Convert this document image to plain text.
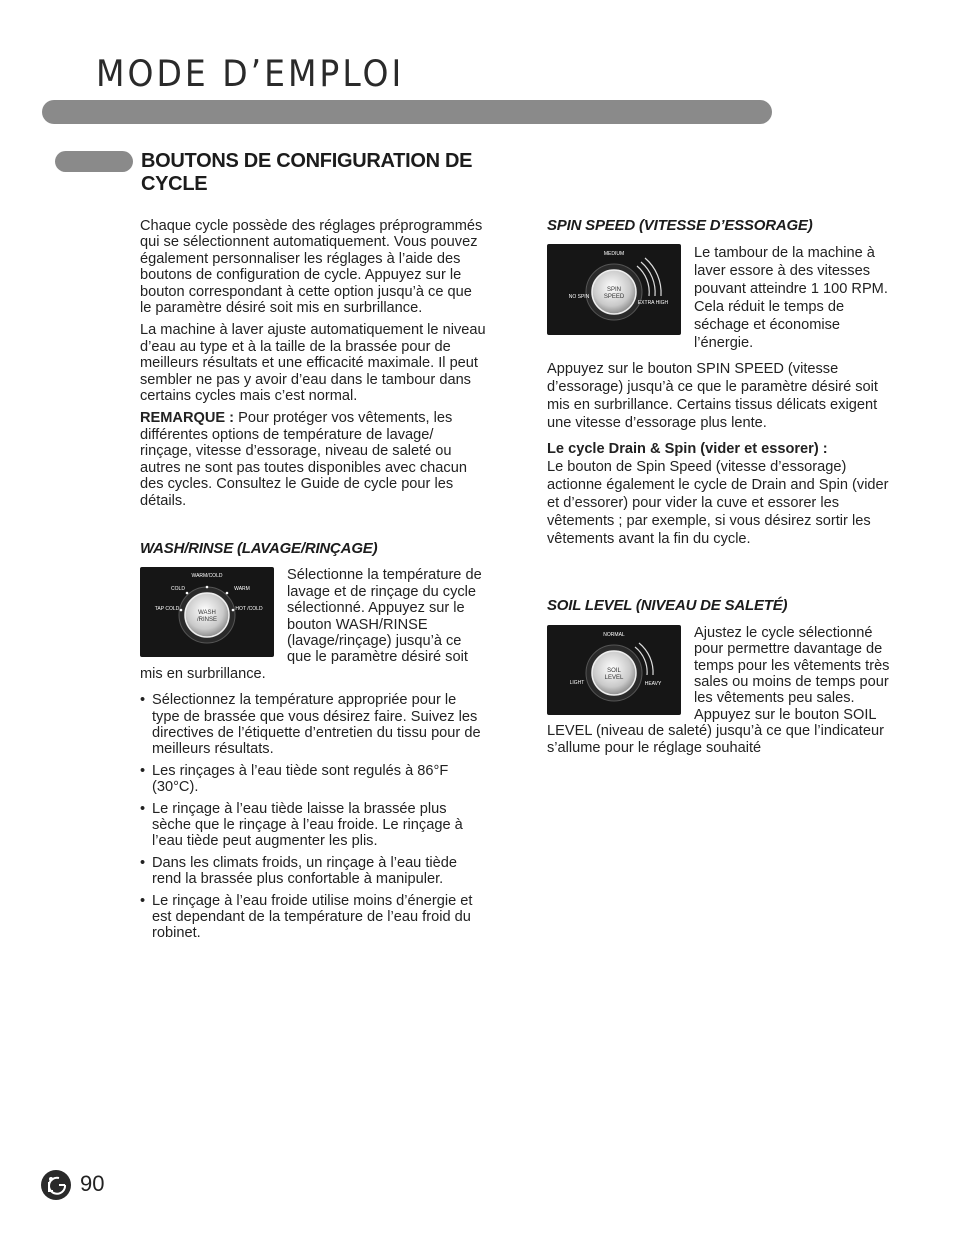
MODE D’EMPLOI
BOUTONS DE CONFIGURATION DE CYCLE

Chaque cycle possède des réglages préprogrammés qui se sélectionnent automatiquement. Vous pouvez également personnaliser les réglages à l’aide des boutons de configuration de cycle. Appuyez sur le bouton correspondant à cette option jusqu’à ce que le paramètre désiré soit mis en surbrillance.

La machine à laver ajuste automatiquement le niveau d’eau au type et à la taille de la brassée pour de meilleurs résultats et une efficacité maximale. Il peut sembler ne pas y avoir d’eau dans le tambour dans certains cycles mais c’est normal.

REMARQUE : Pour protéger vos vêtements, les différentes options de température de lavage/ rinçage, vitesse d’essorage, niveau de saleté ou autres ne sont pas toutes disponibles avec chacun des cycles. Consultez le Guide de cycle pour les détails.

WASH/RINSE (LAVAGE/RINÇAGE)
WARM/COLD
COLD	WARM
TAP COLD	HOT /COLD
WASH
/RINSE

Sélectionne la température de lavage et de rinçage du cycle sélectionné. Appuyez sur le bouton WASH/RINSE (lavage/rinçage) jusqu’à ce que le paramètre désiré soit mis en surbrillance.

• Sélectionnez la température appropriée pour le type de brassée que vous désirez faire. Suivez les directives de l’étiquette d’entretien du tissu pour de meilleurs résultats.
• Les rinçages à l’eau tiède sont regulés à 86°F (30°C).
• Le rinçage à l’eau tiède laisse la brassée plus sèche que le rinçage à l’eau froide. Le rinçage à l’eau tiède peut augmenter les plis.
• Dans les climats froids, un rinçage à l’eau tiède rend la brassée plus confortable à manipuler.
• Le rinçage à l’eau froide utilise moins d’énergie et est dependant de la température de l’eau froid du robinet.
SPIN SPEED (VITESSE D’ESSORAGE)
MEDIUM
NO SPIN
EXTRA HIGH
SPIN
SPEED

Le tambour de la machine à laver essore à des vitesses pouvant atteindre 1 100 RPM. Cela réduit le temps de séchage et économise l’énergie.

Appuyez sur le bouton SPIN SPEED (vitesse d’essorage) jusqu’à ce que le paramètre désiré soit mis en surbrillance. Certains tissus délicats exigent une vitesse d’essorage plus lente.

Le cycle Drain & Spin (vider et essorer) :
Le bouton de Spin Speed (vitesse d’essorage) actionne également le cycle de Drain and Spin (vider et d’essorer) pour vider la cuve et essorer les vêtements ; par exemple, si vous désirez sortir les vêtements avant la fin du cycle.

SOIL LEVEL (NIVEAU DE SALETÉ)
NORMAL
LIGHT	HEAVY
SOIL
LEVEL

Ajustez le cycle sélectionné pour permettre davantage de temps pour les vêtements très sales ou moins de temps pour les vêtements peu sales. Appuyez sur le bouton SOIL LEVEL (niveau de saleté) jusqu’à ce que l’indicateur s’allume pour le réglage souhaité

90
